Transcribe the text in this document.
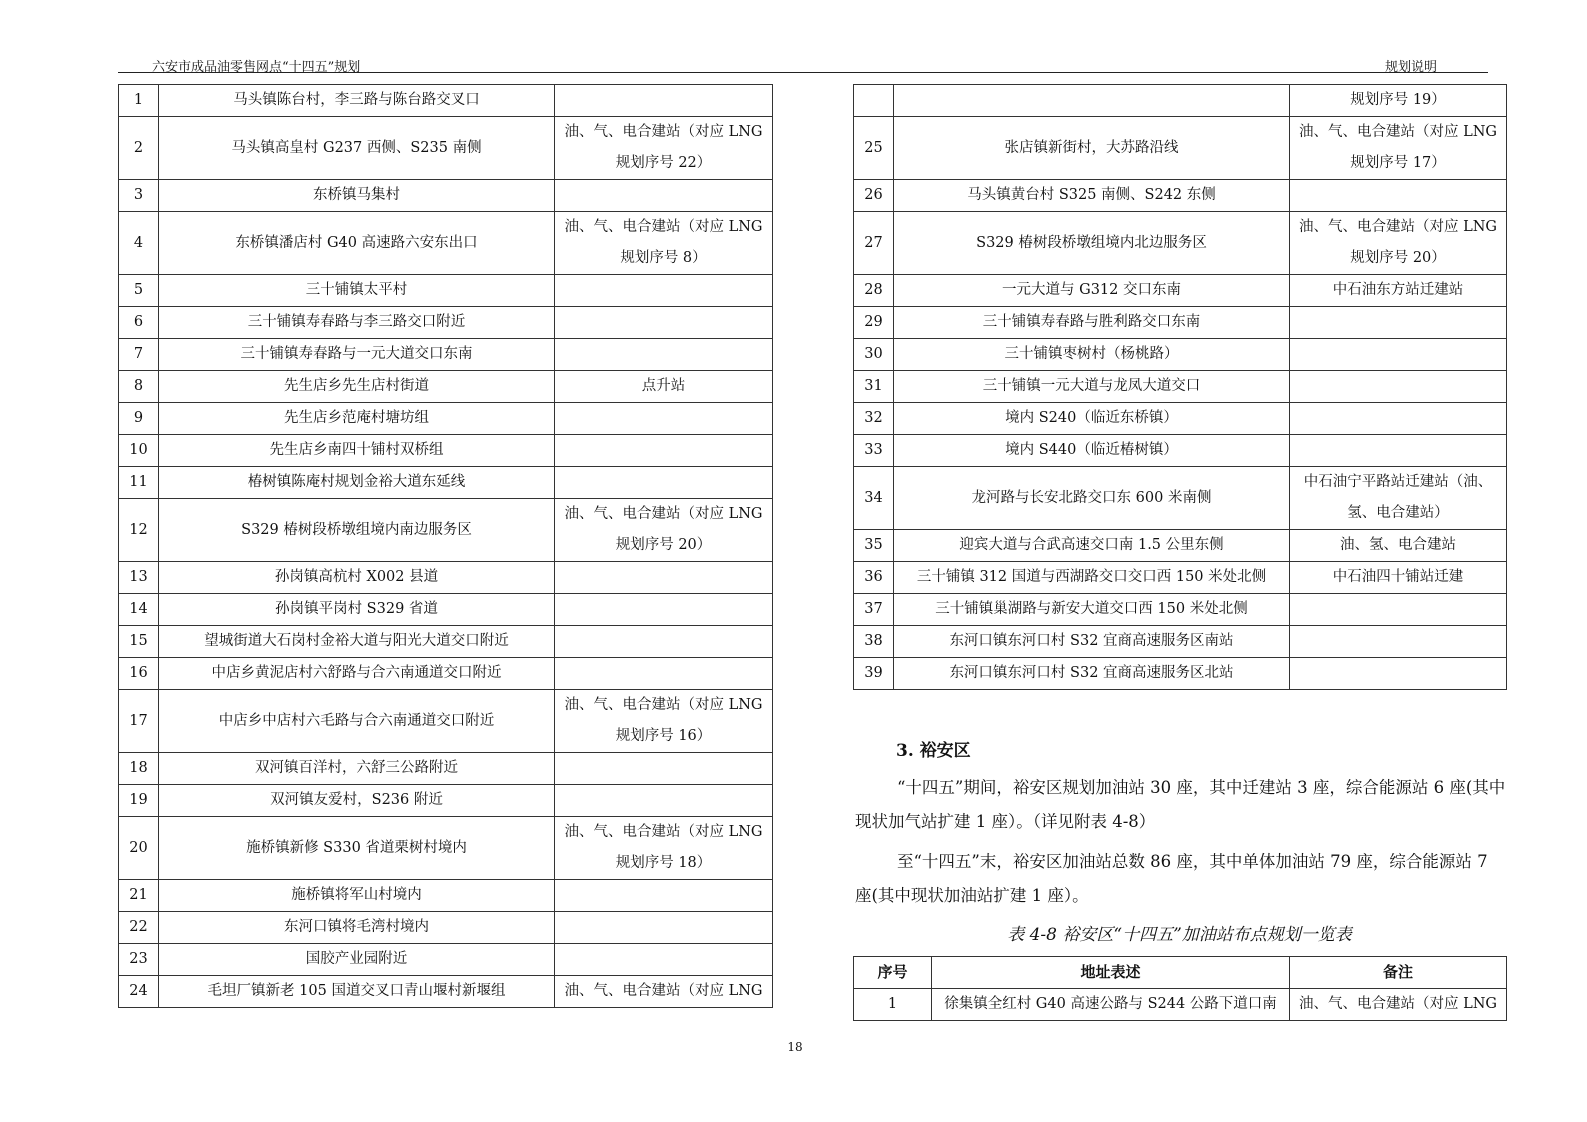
六安市成品油零售网点“十四五”规划	规划说明
1	马头镇陈台村，李三路与陈台路交叉口	
2	马头镇高皇村 G237 西侧、S235 南侧	油、气、电合建站（对应 LNG 规划序号 22）
3	东桥镇马集村	
4	东桥镇潘店村 G40 高速路六安东出口	油、气、电合建站（对应 LNG 规划序号 8）
5	三十铺镇太平村	
6	三十铺镇寿春路与李三路交口附近	
7	三十铺镇寿春路与一元大道交口东南	
8	先生店乡先生店村街道	点升站
9	先生店乡范庵村塘坊组	
10	先生店乡南四十铺村双桥组	
11	椿树镇陈庵村规划金裕大道东延线	
12	S329 椿树段桥墩组境内南边服务区	油、气、电合建站（对应 LNG 规划序号 20）
13	孙岗镇高杭村 X002 县道	
14	孙岗镇平岗村 S329 省道	
15	望城街道大石岗村金裕大道与阳光大道交口附近	
16	中店乡黄泥店村六舒路与合六南通道交口附近	
17	中店乡中店村六毛路与合六南通道交口附近	油、气、电合建站（对应 LNG 规划序号 16）
18	双河镇百洋村，六舒三公路附近	
19	双河镇友爱村，S236 附近	
20	施桥镇新修 S330 省道栗树村境内	油、气、电合建站（对应 LNG 规划序号 18）
21	施桥镇将军山村境内	
22	东河口镇将毛湾村境内	
23	国胶产业园附近	
24	毛坦厂镇新老 105 国道交叉口青山堰村新堰组	油、气、电合建站（对应 LNG
		规划序号 19）
25	张店镇新街村，大苏路沿线	油、气、电合建站（对应 LNG 规划序号 17）
26	马头镇黄台村 S325 南侧、S242 东侧	
27	S329 椿树段桥墩组境内北边服务区	油、气、电合建站（对应 LNG 规划序号 20）
28	一元大道与 G312 交口东南	中石油东方站迁建站
29	三十铺镇寿春路与胜利路交口东南	
30	三十铺镇枣树村（杨桃路）	
31	三十铺镇一元大道与龙凤大道交口	
32	境内 S240（临近东桥镇）	
33	境内 S440（临近椿树镇）	
34	龙河路与长安北路交口东 600 米南侧	中石油宁平路站迁建站（油、氢、电合建站）
35	迎宾大道与合武高速交口南 1.5 公里东侧	油、氢、电合建站
36	三十铺镇 312 国道与西湖路交口交口西 150 米处北侧	中石油四十铺站迁建
37	三十铺镇巢湖路与新安大道交口西 150 米处北侧	
38	东河口镇东河口村 S32 宜商高速服务区南站	
39	东河口镇东河口村 S32 宜商高速服务区北站	
3. 裕安区
“十四五”期间，裕安区规划加油站 30 座，其中迁建站 3 座，综合能源站 6 座(其中现状加气站扩建 1 座）。（详见附表 4-8）
至“十四五”末，裕安区加油站总数 86 座，其中单体加油站 79 座，综合能源站 7 座(其中现状加油站扩建 1 座）。
表 4-8 裕安区“十四五”加油站布点规划一览表
序号	地址表述	备注
1	徐集镇全红村 G40 高速公路与 S244 公路下道口南	油、气、电合建站（对应 LNG
18
